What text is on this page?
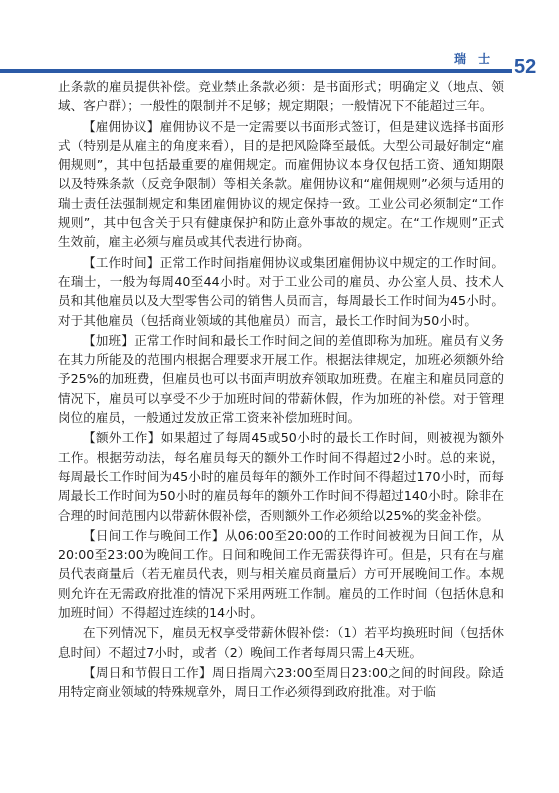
瑞 士 52

止条款的雇员提供补偿。竞业禁止条款必须：是书面形式；明确定义（地点、领域、客户群）；一般性的限制并不足够；规定期限；一般情况下不能超过三年。

【雇佣协议】雇佣协议不是一定需要以书面形式签订，但是建议选择书面形式（特别是从雇主的角度来看），目的是把风险降至最低。大型公司最好制定“雇佣规则”，其中包括最重要的雇佣规定。而雇佣协议本身仅包括工资、通知期限以及特殊条款（反竞争限制）等相关条款。雇佣协议和“雇佣规则”必须与适用的瑞士责任法强制规定和集团雇佣协议的规定保持一致。工业公司必须制定“工作规则”，其中包含关于只有健康保护和防止意外事故的规定。在“工作规则”正式生效前，雇主必须与雇员或其代表进行协商。

【工作时间】正常工作时间指雇佣协议或集团雇佣协议中规定的工作时间。在瑞士，一般为每周40至44小时。对于工业公司的雇员、办公室人员、技术人员和其他雇员以及大型零售公司的销售人员而言，每周最长工作时间为45小时。对于其他雇员（包括商业领域的其他雇员）而言，最长工作时间为50小时。

【加班】正常工作时间和最长工作时间之间的差值即称为加班。雇员有义务在其力所能及的范围内根据合理要求开展工作。根据法律规定，加班必须额外给予25%的加班费，但雇员也可以书面声明放弃领取加班费。在雇主和雇员同意的情况下，雇员可以享受不少于加班时间的带薪休假，作为加班的补偿。对于管理岗位的雇员，一般通过发放正常工资来补偿加班时间。

【额外工作】如果超过了每周45或50小时的最长工作时间，则被视为额外工作。根据劳动法，每名雇员每天的额外工作时间不得超过2小时。总的来说，每周最长工作时间为45小时的雇员每年的额外工作时间不得超过170小时，而每周最长工作时间为50小时的雇员每年的额外工作时间不得超过140小时。除非在合理的时间范围内以带薪休假补偿，否则额外工作必须给以25%的奖金补偿。

【日间工作与晚间工作】从06:00至20:00的工作时间被视为日间工作，从20:00至23:00为晚间工作。日间和晚间工作无需获得许可。但是，只有在与雇员代表商量后（若无雇员代表，则与相关雇员商量后）方可开展晚间工作。本规则允许在无需政府批准的情况下采用两班工作制。雇员的工作时间（包括休息和加班时间）不得超过连续的14小时。

在下列情况下，雇员无权享受带薪休假补偿：（1）若平均换班时间（包括休息时间）不超过7小时，或者（2）晚间工作者每周只需上4天班。

【周日和节假日工作】周日指周六23:00至周日23:00之间的时间段。除适用特定商业领域的特殊规章外，周日工作必须得到政府批准。对于临
